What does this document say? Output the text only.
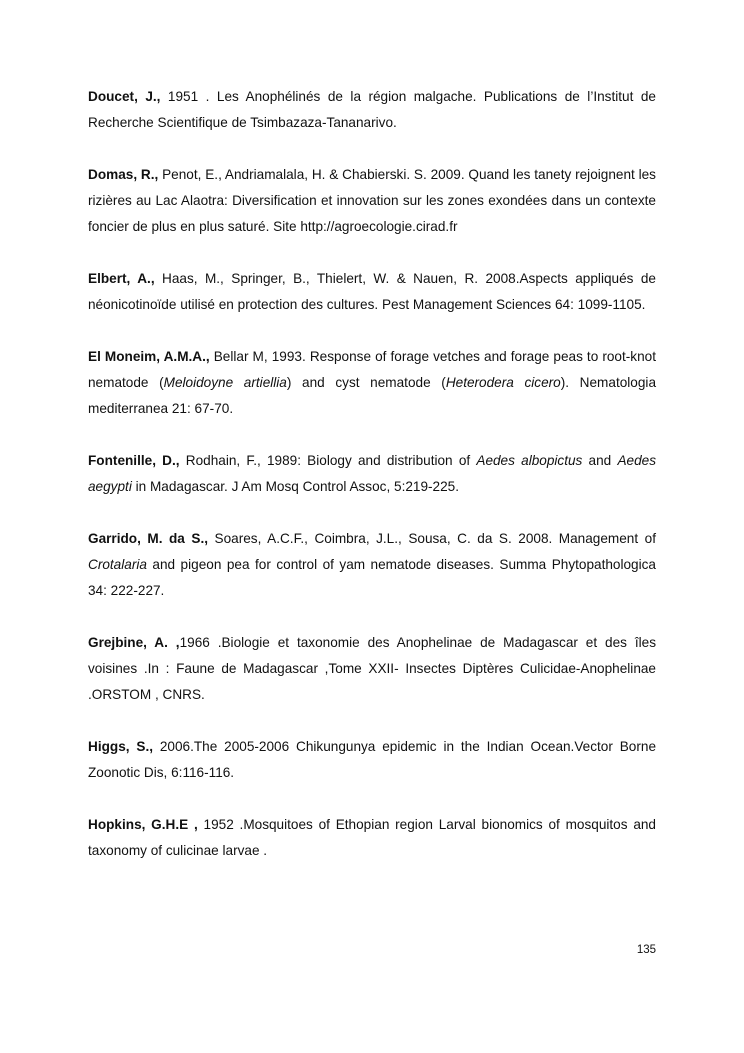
Doucet, J., 1951 . Les Anophélinés de la région malgache. Publications de l’Institut de Recherche Scientifique de Tsimbazaza-Tananarivo.

Domas, R., Penot, E., Andriamalala, H. & Chabierski. S. 2009. Quand les tanety rejoignent les rizières au Lac Alaotra: Diversification et innovation sur les zones exondées dans un contexte foncier de plus en plus saturé. Site http://agroecologie.cirad.fr

Elbert, A., Haas, M., Springer, B., Thielert, W. & Nauen, R. 2008.Aspects appliqués de néonicotinoïde utilisé en protection des cultures. Pest Management Sciences 64: 1099-1105.

El Moneim, A.M.A., Bellar M, 1993. Response of forage vetches and forage peas to root-knot nematode (Meloidoyne artiellia) and cyst nematode (Heterodera cicero). Nematologia mediterranea 21: 67-70.

Fontenille, D., Rodhain, F., 1989: Biology and distribution of Aedes albopictus and Aedes aegypti in Madagascar. J Am Mosq Control Assoc, 5:219-225.

Garrido, M. da S., Soares, A.C.F., Coimbra, J.L., Sousa, C. da S. 2008. Management of Crotalaria and pigeon pea for control of yam nematode diseases. Summa Phytopathologica 34: 222-227.

Grejbine, A. ,1966 .Biologie et taxonomie des Anophelinae de Madagascar et des îles voisines .In : Faune de Madagascar ,Tome XXII- Insectes Diptères Culicidae-Anophelinae .ORSTOM , CNRS.

Higgs, S., 2006.The 2005-2006 Chikungunya epidemic in the Indian Ocean.Vector Borne Zoonotic Dis, 6:116-116.

Hopkins, G.H.E , 1952 .Mosquitoes of Ethopian region Larval bionomics of mosquitos and taxonomy of culicinae larvae .

135
